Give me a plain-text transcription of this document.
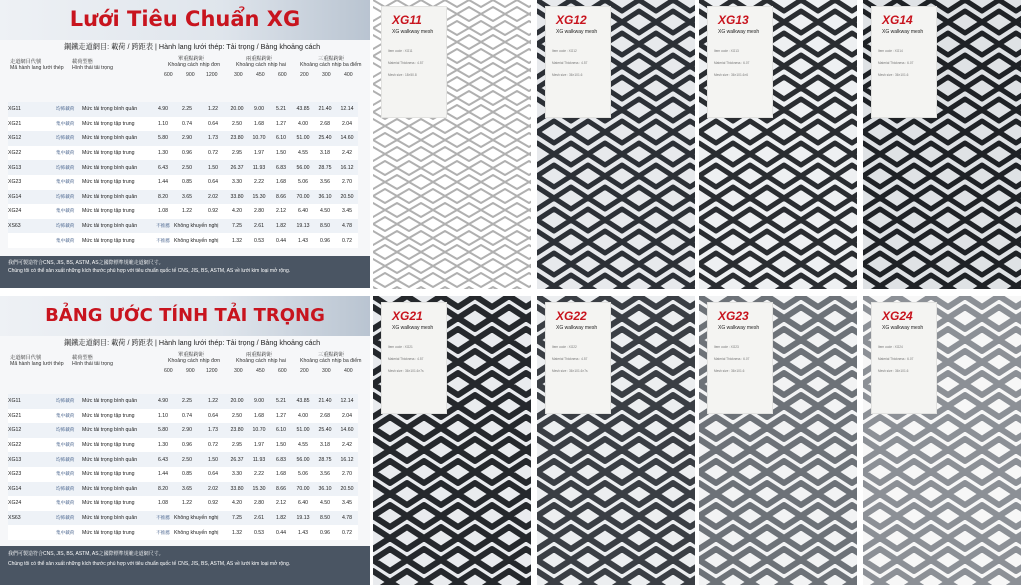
Lưới Tiêu Chuẩn XG
鋼鐵走道網目: 載荷 / 跨距表 | Hành lang lưới thép: Tải trọng / Bảng khoảng cách
走道網目代號
Mã hành lang lưới thép
載荷型態
Hình thái tải trọng
單重點跨距
Khoảng cách nhịp đơn
兩重點跨距
Khoảng cách nhịp hai
三重點跨距
Khoảng cách nhịp ba điểm
600	900 1200	300	450	600	200	300	400
XG11	均佈載荷	Mức tải trọng bình quân	4.90	2.25	1.22	20.00	9.00	5.21	43.85	21.40	12.14
XG21	集中載荷	Mức tải trọng tập trung	1.10	0.74	0.64	2.50	1.68	1.27	4.00	2.68	2.04
XG12	均佈載荷	Mức tải trọng bình quân	5.80	2.90	1.73	23.80	10.70	6.10	51.00	25.40	14.60
XG22	集中載荷	Mức tải trọng tập trung	1.30	0.96	0.72	2.95	1.97	1.50	4.55	3.18	2.42
XG13	均佈載荷	Mức tải trọng bình quân	6.43	2.50	1.50	26.37	11.93	6.83	56.00	28.75	16.12
XG23	集中載荷	Mức tải trọng tập trung	1.44	0.85	0.64	3.30	2.22	1.68	5.06	3.56	2.70
XG14	均佈載荷	Mức tải trọng bình quân	8.20	3.65	2.02	33.80	15.30	8.66	70.00	36.10	20.50
XG24	集中載荷	Mức tải trọng tập trung	1.08	1.22	0.92	4.20	2.80	2.12	6.40	4.50	3.45
XS63	均佈載荷	Mức tải trọng bình quân	不推薦	Không khuyến nghị		7.25	2.61	1.82	19.13	8.50	4.78
	集中載荷	Mức tải trọng tập trung	不推薦	Không khuyến nghị		1.32	0.53	0.44	1.43	0.96	0.72
我們可製造符合CNS, JIS, BS, ASTM, AS之國際標準規範走道網尺寸。
Chúng tôi có thể sản xuất những kích thước phù hợp với tiêu chuẩn quốc tế CNS, JIS, BS, ASTM, AS về lưới kim loại mở rộng.
BẢNG ƯỚC TÍNH TẢI TRỌNG
鋼鐵走道網目: 載荷 / 跨距表 | Hành lang lưới thép: Tải trọng / Bảng khoảng cách
走道網目代號
Mã hành lang lưới thép
載荷型態
Hình thái tải trọng
單重點跨距
Khoảng cách nhịp đơn
兩重點跨距
Khoảng cách nhịp hai
三重點跨距
Khoảng cách nhịp ba điểm
600	900 1200	300	450	600	200	300	400
XG11	均佈載荷	Mức tải trọng bình quân	4.90	2.25	1.22	20.00	9.00	5.21	43.85	21.40	12.14
XG21	集中載荷	Mức tải trọng tập trung	1.10	0.74	0.64	2.50	1.68	1.27	4.00	2.68	2.04
XG12	均佈載荷	Mức tải trọng bình quân	5.80	2.90	1.73	23.80	10.70	6.10	51.00	25.40	14.60
XG22	集中載荷	Mức tải trọng tập trung	1.30	0.96	0.72	2.95	1.97	1.50	4.55	3.18	2.42
XG13	均佈載荷	Mức tải trọng bình quân	6.43	2.50	1.50	26.37	11.93	6.83	56.00	28.75	16.12
XG23	集中載荷	Mức tải trọng tập trung	1.44	0.85	0.64	3.30	2.22	1.68	5.06	3.56	2.70
XG14	均佈載荷	Mức tải trọng bình quân	8.20	3.65	2.02	33.80	15.30	8.66	70.00	36.10	20.50
XG24	集中載荷	Mức tải trọng tập trung	1.08	1.22	0.92	4.20	2.80	2.12	6.40	4.50	3.45
XS63	均佈載荷	Mức tải trọng bình quân	不推薦	Không khuyến nghị		7.25	2.61	1.82	19.13	8.50	4.78
	集中載荷	Mức tải trọng tập trung	不推薦	Không khuyến nghị		1.32	0.53	0.44	1.43	0.96	0.72
我們可製造符合CNS, JIS, BS, ASTM, AS之國際標準規範走道網尺寸。
Chúng tôi có thể sản xuất những kích thước phù hợp với tiêu chuẩn quốc tế CNS, JIS, BS, ASTM, AS về lưới kim loại mở rộng.
XG11
XG walkway mesh
Item code : XG11
Material Thickness : 4.57
Mesh size : 18×50.8
XG12
XG walkway mesh
Item code : XG12
Material Thickness : 4.57
Mesh size : 36×101.6
XG13
XG walkway mesh
Item code : XG13
Material Thickness : 6.07
Mesh size : 36×101.6×6
XG14
XG walkway mesh
Item code : XG14
Material Thickness : 6.07
Mesh size : 36×101.6
XG21
XG walkway mesh
Item code : XG21
Material Thickness : 4.57
Mesh size : 36×101.6×7s
XG22
XG walkway mesh
Item code : XG22
Material Thickness : 4.57
Mesh size : 36×101.6×7s
XG23
XG walkway mesh
Item code : XG23
Material Thickness : 6.07
Mesh size : 36×101.6
XG24
XG walkway mesh
Item code : XG24
Material Thickness : 6.07
Mesh size : 36×101.6
